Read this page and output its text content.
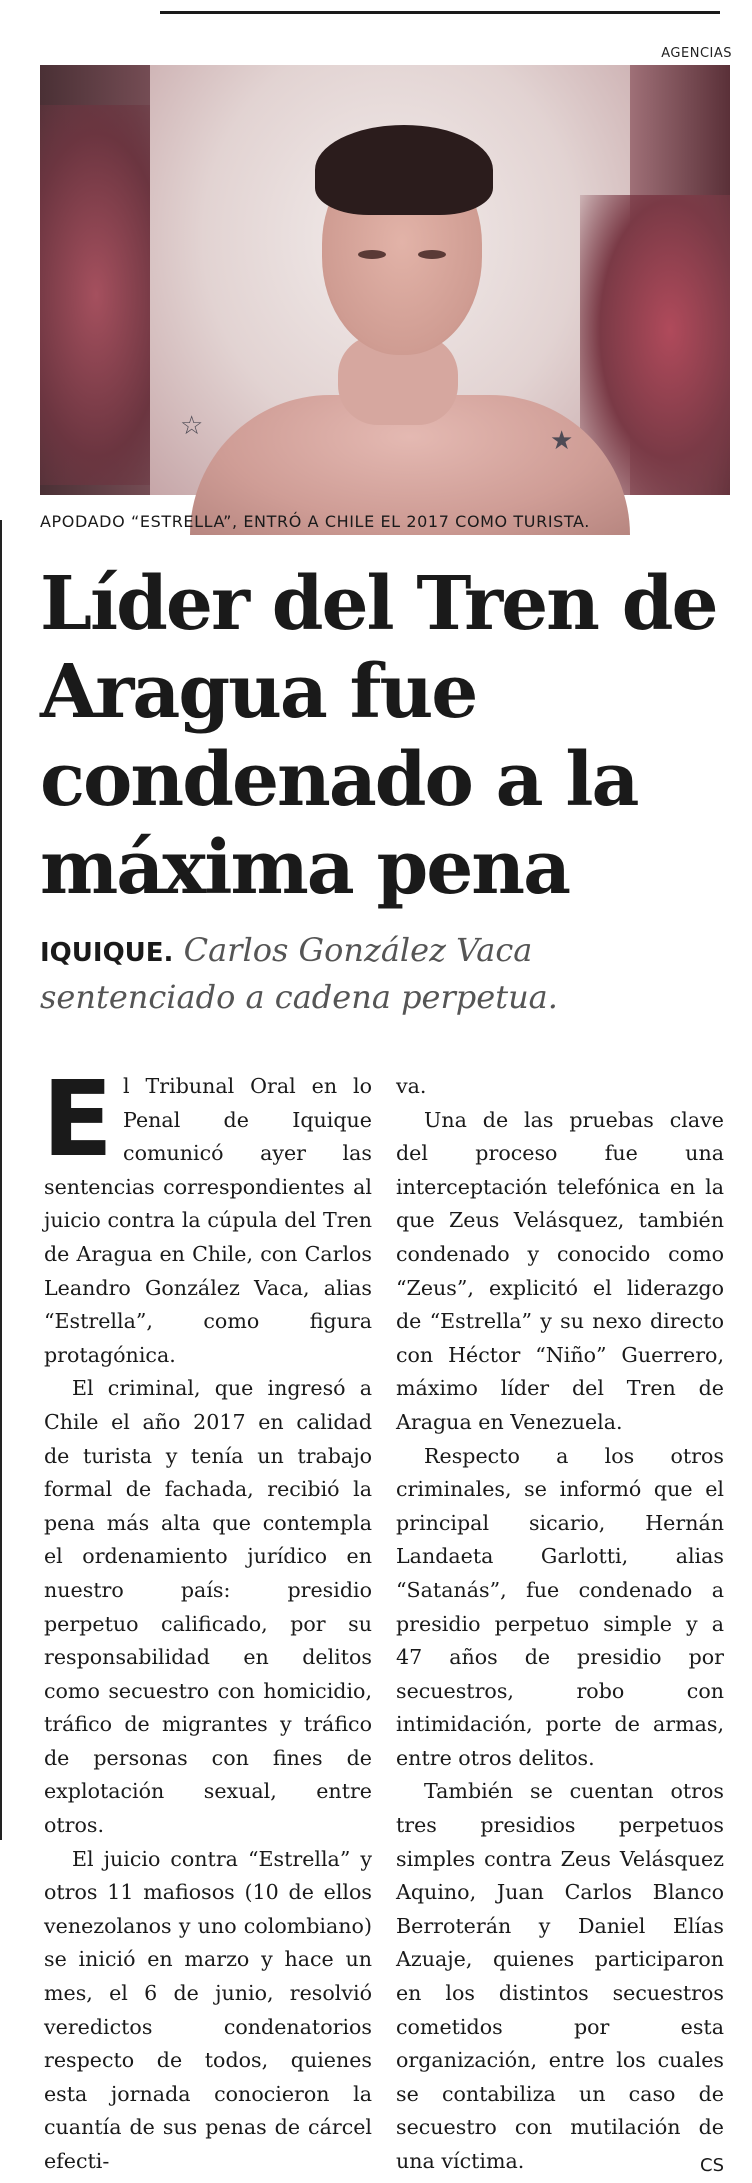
AGENCIAS
☆	★
APODADO “ESTRELLA”, ENTRÓ A CHILE EL 2017 COMO TURISTA.
Líder del Tren de Aragua fue condenado a la máxima pena
IQUIQUE. Carlos González Vaca sentenciado a cadena perpetua.

El Tribunal Oral en lo Penal de Iquique comunicó ayer las sentencias correspondientes al juicio contra la cúpula del Tren de Aragua en Chile, con Carlos Leandro González Vaca, alias “Estrella”, como figura protagónica.

El criminal, que ingresó a Chile el año 2017 en calidad de turista y tenía un trabajo formal de fachada, recibió la pena más alta que contempla el ordenamiento jurídico en nuestro país: presidio perpetuo calificado, por su responsabilidad en delitos como secuestro con homicidio, tráfico de migrantes y tráfico de personas con fines de explotación sexual, entre otros.

El juicio contra “Estrella” y otros 11 mafiosos (10 de ellos venezolanos y uno colombiano) se inició en marzo y hace un mes, el 6 de junio, resolvió veredictos condenatorios respecto de todos, quienes esta jornada conocieron la cuantía de sus penas de cárcel efecti-

va.

Una de las pruebas clave del proceso fue una interceptación telefónica en la que Zeus Velásquez, también condenado y conocido como “Zeus”, explicitó el liderazgo de “Estrella” y su nexo directo con Héctor “Niño” Guerrero, máximo líder del Tren de Aragua en Venezuela.

Respecto a los otros criminales, se informó que el principal sicario, Hernán Landaeta Garlotti, alias “Satanás”, fue condenado a presidio perpetuo simple y a 47 años de presidio por secuestros, robo con intimidación, porte de armas, entre otros delitos.

También se cuentan otros tres presidios perpetuos simples contra Zeus Velásquez Aquino, Juan Carlos Blanco Berroterán y Daniel Elías Azuaje, quienes participaron en los distintos secuestros cometidos por esta organización, entre los cuales se contabiliza un caso de secuestro con mutilación de una víctima.	CS
